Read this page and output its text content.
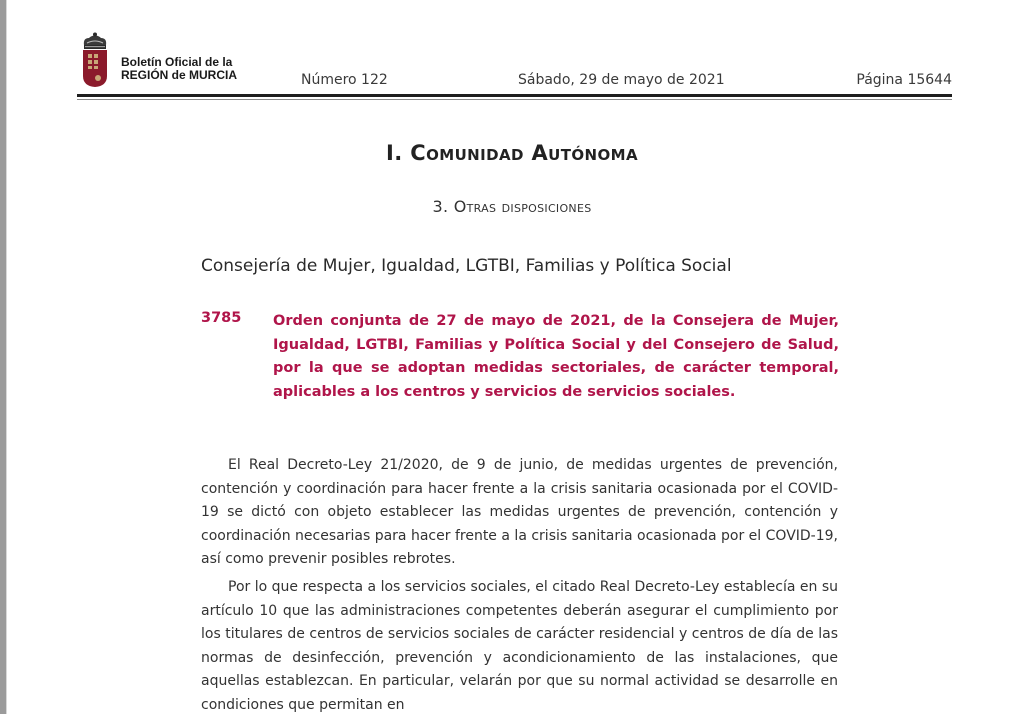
Boletín Oficial de la
REGIÓN de MURCIA	Número 122	Sábado, 29 de mayo de 2021	Página 15644
I. Comunidad Autónoma
3. Otras disposiciones
Consejería de Mujer, Igualdad, LGTBI, Familias y Política Social
3785 Orden conjunta de 27 de mayo de 2021, de la Consejera de Mujer, Igualdad, LGTBI, Familias y Política Social y del Consejero de Salud, por la que se adoptan medidas sectoriales, de carácter temporal, aplicables a los centros y servicios de servicios sociales.

El Real Decreto-Ley 21/2020, de 9 de junio, de medidas urgentes de prevención, contención y coordinación para hacer frente a la crisis sanitaria ocasionada por el COVID-19 se dictó con objeto establecer las medidas urgentes de prevención, contención y coordinación necesarias para hacer frente a la crisis sanitaria ocasionada por el COVID-19, así como prevenir posibles rebrotes.

Por lo que respecta a los servicios sociales, el citado Real Decreto-Ley establecía en su artículo 10 que las administraciones competentes deberán asegurar el cumplimiento por los titulares de centros de servicios sociales de carácter residencial y centros de día de las normas de desinfección, prevención y acondicionamiento de las instalaciones, que aquellas establezcan. En particular, velarán por que su normal actividad se desarrolle en condiciones que permitan en
